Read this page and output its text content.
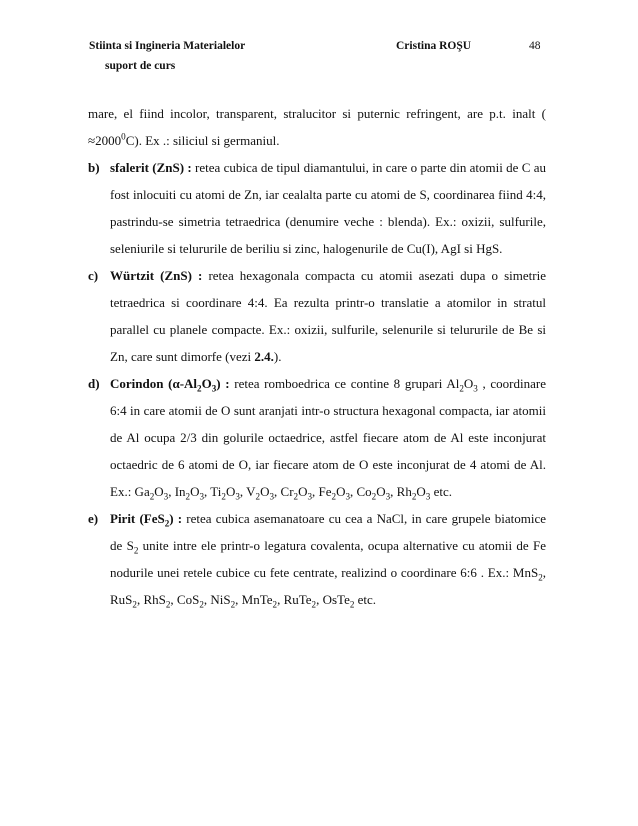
Stiinta si Ingineria Materialelor
suport de curs
Cristina ROŞU	48

mare, el fiind incolor, transparent, stralucitor si puternic refringent, are p.t. inalt ( $\approx 2000^0C$). Ex .: siliciul si germaniul.

b) sfalerit (ZnS) : retea cubica de tipul diamantului, in care o parte din atomii de C au fost inlocuiti cu atomi de Zn, iar cealalta parte cu atomi de S, coordinarea fiind 4:4, pastrindu-se simetria tetraedrica (denumire veche : blenda). Ex.: oxizii, sulfurile, seleniurile si telururile de beriliu si zinc, halogenurile de Cu(I), AgI si HgS.
c) Würtzit (ZnS) : retea hexagonala compacta cu atomii asezati dupa o simetrie tetraedrica si coordinare 4:4. Ea rezulta printr-o translatie a atomilor in stratul parallel cu planele compacte. Ex.: oxizii, sulfurile, selenurile si telururile de Be si Zn, care sunt dimorfe (vezi 2.4.).
d) Corindon $(\alpha-Al_2O_3)$ : retea romboedrica ce contine 8 grupari $Al_2O_3$ , coordinare 6:4 in care atomii de O sunt aranjati intr-o structura hexagonal compacta, iar atomii de Al ocupa 2/3 din golurile octaedrice, astfel fiecare atom de Al este inconjurat octaedric de 6 atomi de O, iar fiecare atom de O este inconjurat de 4 atomi de Al. Ex.: $Ga_2O_3$, $In_2O_3$, $Ti_2O_3$, $V_2O_3$, $Cr_2O_3$, $Fe_2O_3$, $Co_2O_3$, $Rh_2O_3$ etc.
e) Pirit (FeS$_2$) : retea cubica asemanatoare cu cea a NaCl, in care grupele biatomice de $S_2$ unite intre ele printr-o legatura covalenta, ocupa alternative cu atomii de Fe nodurile unei retele cubice cu fete centrate, realizind o coordinare 6:6 . Ex.: MnS$_2$, RuS$_2$, RhS$_2$, CoS$_2$, NiS$_2$, MnTe$_2$, RuTe$_2$, OsTe$_2$ etc.
